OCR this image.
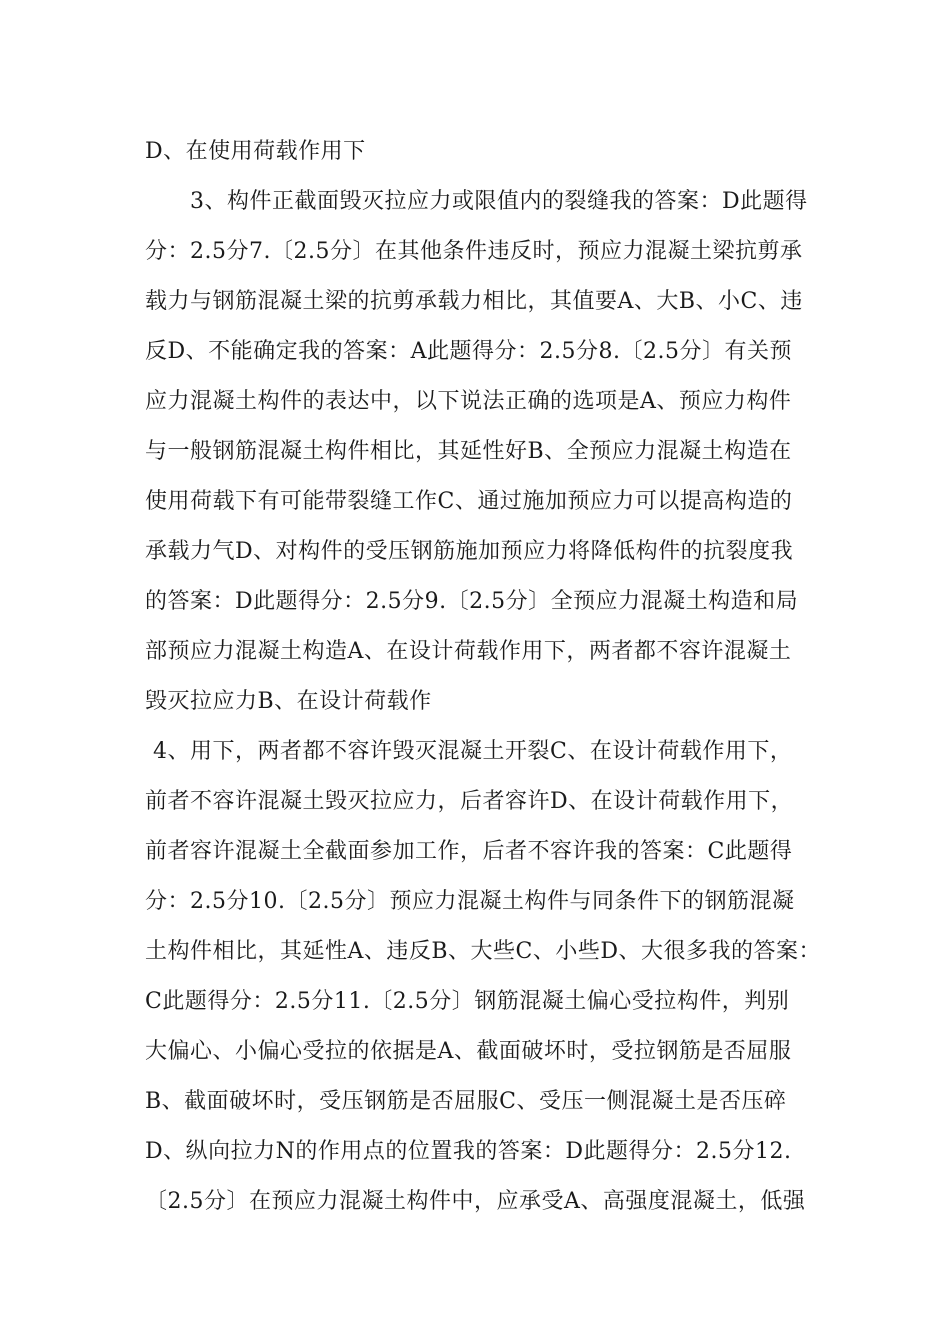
D、在使用荷载作用下
3、构件正截面毁灭拉应力或限值内的裂缝我的答案：D此题得
分：2.5分7.〔2.5分〕在其他条件违反时，预应力混凝土梁抗剪承
载力与钢筋混凝土梁的抗剪承载力相比，其值要A、大B、小C、违
反D、不能确定我的答案：A此题得分：2.5分8.〔2.5分〕有关预
应力混凝土构件的表达中，以下说法正确的选项是A、预应力构件
与一般钢筋混凝土构件相比，其延性好B、全预应力混凝土构造在
使用荷载下有可能带裂缝工作C、通过施加预应力可以提高构造的
承载力气D、对构件的受压钢筋施加预应力将降低构件的抗裂度我
的答案：D此题得分：2.5分9.〔2.5分〕全预应力混凝土构造和局
部预应力混凝土构造A、在设计荷载作用下，两者都不容许混凝土
毁灭拉应力B、在设计荷载作
4、用下，两者都不容许毁灭混凝土开裂C、在设计荷载作用下，
前者不容许混凝土毁灭拉应力，后者容许D、在设计荷载作用下，
前者容许混凝土全截面参加工作，后者不容许我的答案：C此题得
分：2.5分10.〔2.5分〕预应力混凝土构件与同条件下的钢筋混凝
土构件相比，其延性A、违反B、大些C、小些D、大很多我的答案：
C此题得分：2.5分11.〔2.5分〕钢筋混凝土偏心受拉构件，判别
大偏心、小偏心受拉的依据是A、截面破坏时，受拉钢筋是否屈服
B、截面破坏时，受压钢筋是否屈服C、受压一侧混凝土是否压碎
D、纵向拉力N的作用点的位置我的答案：D此题得分：2.5分12.
〔2.5分〕在预应力混凝土构件中，应承受A、高强度混凝土，低强
